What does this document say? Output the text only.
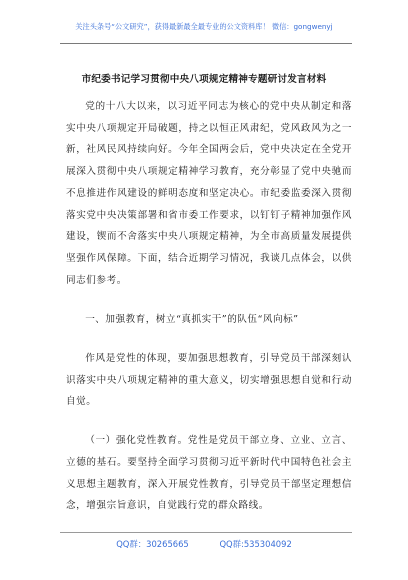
关注头条号“公文研究”，获得最新最全最专业的公文资料库！ 微信：gongwenyj
市纪委书记学习贯彻中央八项规定精神专题研讨发言材料

党的十八大以来，以习近平同志为核心的党中央从制定和落实中央八项规定开局破题，持之以恒正风肃纪，党风政风为之一新，社风民风持续向好。今年全国两会后，党中央决定在全党开展深入贯彻中央八项规定精神学习教育，充分彰显了党中央驰而不息推进作风建设的鲜明态度和坚定决心。市纪委监委深入贯彻落实党中央决策部署和省市委工作要求，以钉钉子精神加强作风建设，锲而不舍落实中央八项规定精神，为全市高质量发展提供坚强作风保障。下面，结合近期学习情况，我谈几点体会，以供同志们参考。

一、加强教育，树立“真抓实干”的队伍“风向标”

作风是党性的体现，要加强思想教育，引导党员干部深刻认识落实中央八项规定精神的重大意义，切实增强思想自觉和行动自觉。

（一）强化党性教育。党性是党员干部立身、立业、立言、立德的基石。要坚持全面学习贯彻习近平新时代中国特色社会主义思想主题教育，深入开展党性教育，引导党员干部坚定理想信念，增强宗旨意识，自觉践行党的群众路线。

QQ群：30265665	QQ群:535304092
